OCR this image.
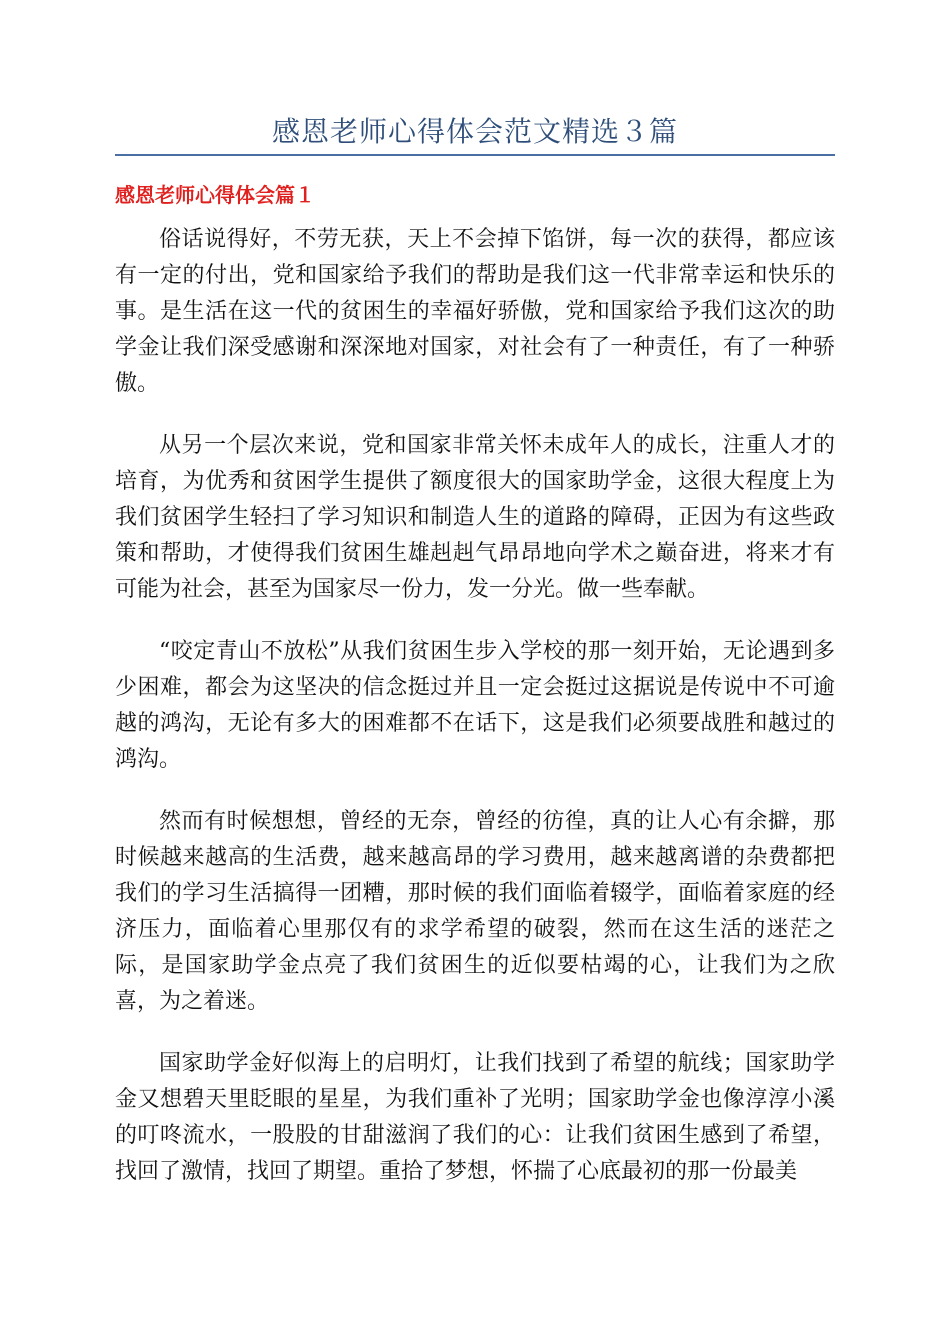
感恩老师心得体会范文精选３篇
感恩老师心得体会篇１

俗话说得好，不劳无获，天上不会掉下馅饼，每一次的获得，都应该有一定的付出，党和国家给予我们的帮助是我们这一代非常幸运和快乐的事。是生活在这一代的贫困生的幸福好骄傲，党和国家给予我们这次的助学金让我们深受感谢和深深地对国家，对社会有了一种责任，有了一种骄傲。

从另一个层次来说，党和国家非常关怀未成年人的成长，注重人才的培育，为优秀和贫困学生提供了额度很大的国家助学金，这很大程度上为我们贫困学生轻扫了学习知识和制造人生的道路的障碍，正因为有这些政策和帮助，才使得我们贫困生雄赳赳气昂昂地向学术之巅奋进，将来才有可能为社会，甚至为国家尽一份力，发一分光。做一些奉献。

“咬定青山不放松”从我们贫困生步入学校的那一刻开始，无论遇到多少困难，都会为这坚决的信念挺过并且一定会挺过这据说是传说中不可逾越的鸿沟，无论有多大的困难都不在话下，这是我们必须要战胜和越过的鸿沟。

然而有时候想想，曾经的无奈，曾经的彷徨，真的让人心有余擗，那时候越来越高的生活费，越来越高昂的学习费用，越来越离谱的杂费都把我们的学习生活搞得一团糟，那时候的我们面临着辍学，面临着家庭的经济压力，面临着心里那仅有的求学希望的破裂，然而在这生活的迷茫之际，是国家助学金点亮了我们贫困生的近似要枯竭的心，让我们为之欣喜，为之着迷。

国家助学金好似海上的启明灯，让我们找到了希望的航线；国家助学金又想碧天里眨眼的星星，为我们重补了光明；国家助学金也像淳淳小溪的叮咚流水，一股股的甘甜滋润了我们的心：让我们贫困生感到了希望，找回了激情，找回了期望。重拾了梦想，怀揣了心底最初的那一份最美
